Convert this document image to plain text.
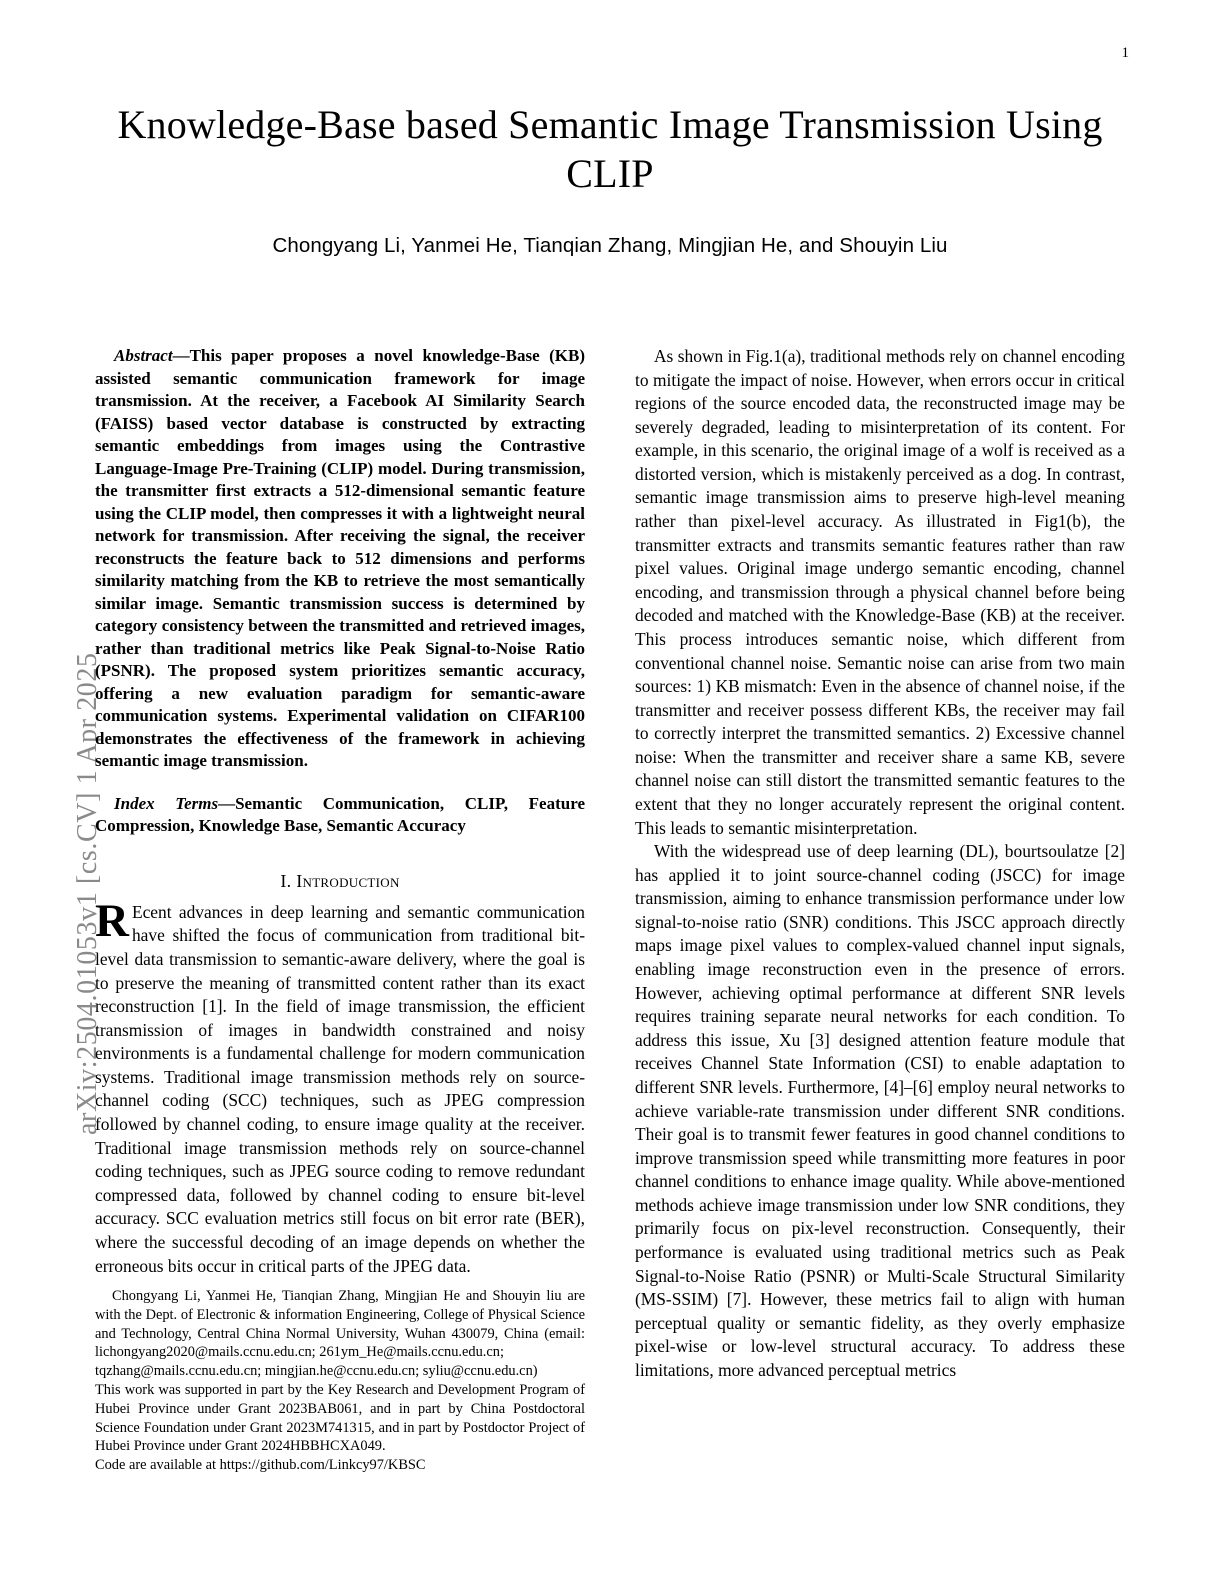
arXiv:2504.01053v1 [cs.CV] 1 Apr 2025
1
Knowledge-Base based Semantic Image Transmission Using CLIP
Chongyang Li, Yanmei He, Tianqian Zhang, Mingjian He, and Shouyin Liu

Abstract—This paper proposes a novel knowledge-Base (KB) assisted semantic communication framework for image transmission. At the receiver, a Facebook AI Similarity Search (FAISS) based vector database is constructed by extracting semantic embeddings from images using the Contrastive Language-Image Pre-Training (CLIP) model. During transmission, the transmitter first extracts a 512-dimensional semantic feature using the CLIP model, then compresses it with a lightweight neural network for transmission. After receiving the signal, the receiver reconstructs the feature back to 512 dimensions and performs similarity matching from the KB to retrieve the most semantically similar image. Semantic transmission success is determined by category consistency between the transmitted and retrieved images, rather than traditional metrics like Peak Signal-to-Noise Ratio (PSNR). The proposed system prioritizes semantic accuracy, offering a new evaluation paradigm for semantic-aware communication systems. Experimental validation on CIFAR100 demonstrates the effectiveness of the framework in achieving semantic image transmission.

Index Terms—Semantic Communication, CLIP, Feature Compression, Knowledge Base, Semantic Accuracy

I. Introduction

R Ecent advances in deep learning and semantic communication have shifted the focus of communication from traditional bit-level data transmission to semantic-aware delivery, where the goal is to preserve the meaning of transmitted content rather than its exact reconstruction [1]. In the field of image transmission, the efficient transmission of images in bandwidth constrained and noisy environments is a fundamental challenge for modern communication systems. Traditional image transmission methods rely on source-channel coding (SCC) techniques, such as JPEG compression followed by channel coding, to ensure image quality at the receiver. Traditional image transmission methods rely on source-channel coding techniques, such as JPEG source coding to remove redundant compressed data, followed by channel coding to ensure bit-level accuracy. SCC evaluation metrics still focus on bit error rate (BER), where the successful decoding of an image depends on whether the erroneous bits occur in critical parts of the JPEG data.

As shown in Fig.1(a), traditional methods rely on channel encoding to mitigate the impact of noise. However, when errors occur in critical regions of the source encoded data, the reconstructed image may be severely degraded, leading to misinterpretation of its content. For example, in this scenario, the original image of a wolf is received as a distorted version, which is mistakenly perceived as a dog. In contrast, semantic image transmission aims to preserve high-level meaning rather than pixel-level accuracy. As illustrated in Fig1(b), the transmitter extracts and transmits semantic features rather than raw pixel values. Original image undergo semantic encoding, channel encoding, and transmission through a physical channel before being decoded and matched with the Knowledge-Base (KB) at the receiver. This process introduces semantic noise, which different from conventional channel noise. Semantic noise can arise from two main sources: 1) KB mismatch: Even in the absence of channel noise, if the transmitter and receiver possess different KBs, the receiver may fail to correctly interpret the transmitted semantics. 2) Excessive channel noise: When the transmitter and receiver share a same KB, severe channel noise can still distort the transmitted semantic features to the extent that they no longer accurately represent the original content. This leads to semantic misinterpretation.

With the widespread use of deep learning (DL), bourtsoulatze [2] has applied it to joint source-channel coding (JSCC) for image transmission, aiming to enhance transmission performance under low signal-to-noise ratio (SNR) conditions. This JSCC approach directly maps image pixel values to complex-valued channel input signals, enabling image reconstruction even in the presence of errors. However, achieving optimal performance at different SNR levels requires training separate neural networks for each condition. To address this issue, Xu [3] designed attention feature module that receives Channel State Information (CSI) to enable adaptation to different SNR levels. Furthermore, [4]–[6] employ neural networks to achieve variable-rate transmission under different SNR conditions. Their goal is to transmit fewer features in good channel conditions to improve transmission speed while transmitting more features in poor channel conditions to enhance image quality. While above-mentioned methods achieve image transmission under low SNR conditions, they primarily focus on pix-level reconstruction. Consequently, their performance is evaluated using traditional metrics such as Peak Signal-to-Noise Ratio (PSNR) or Multi-Scale Structural Similarity (MS-SSIM) [7]. However, these metrics fail to align with human perceptual quality or semantic fidelity, as they overly emphasize pixel-wise or low-level structural accuracy. To address these limitations, more advanced perceptual metrics

Chongyang Li, Yanmei He, Tianqian Zhang, Mingjian He and Shouyin liu are with the Dept. of Electronic & information Engineering, College of Physical Science and Technology, Central China Normal University, Wuhan 430079, China (email: lichongyang2020@mails.ccnu.edu.cn; 261ym_He@mails.ccnu.edu.cn;

tqzhang@mails.ccnu.edu.cn; mingjian.he@ccnu.edu.cn; syliu@ccnu.edu.cn)

This work was supported in part by the Key Research and Development Program of Hubei Province under Grant 2023BAB061, and in part by China Postdoctoral Science Foundation under Grant 2023M741315, and in part by Postdoctor Project of Hubei Province under Grant 2024HBBHCXA049.

Code are available at https://github.com/Linkcy97/KBSC
